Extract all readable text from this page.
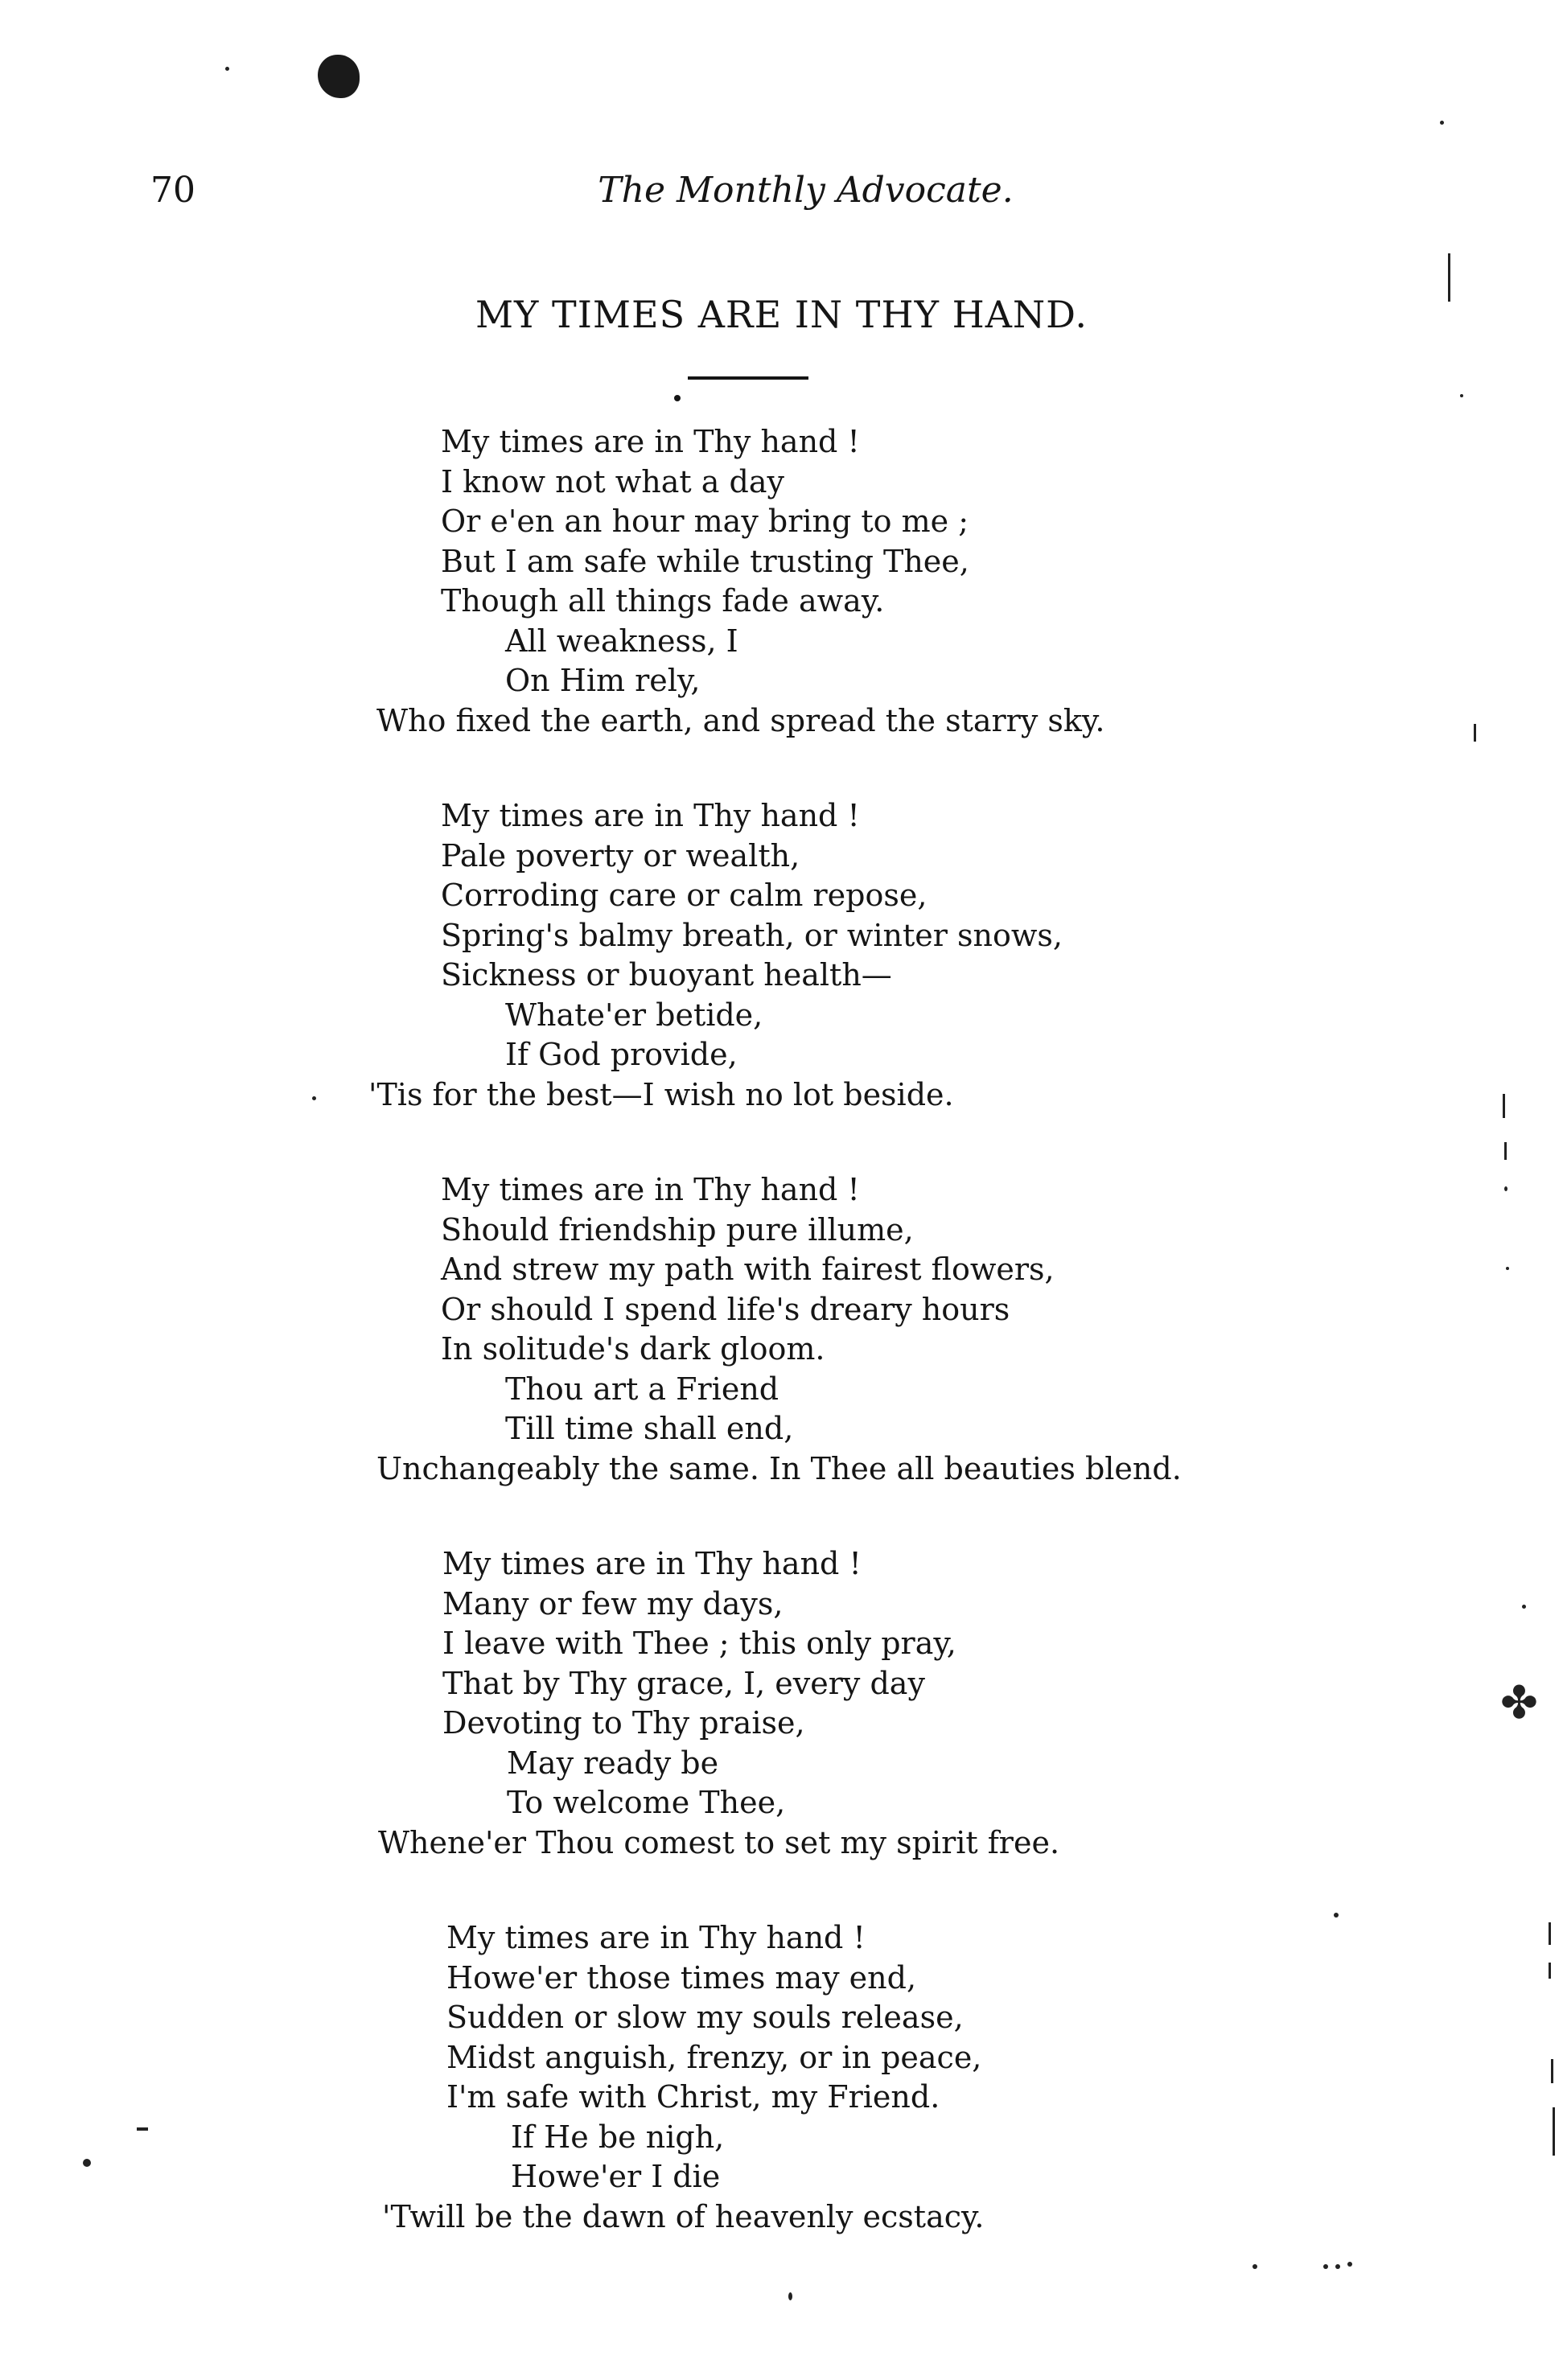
✤
70	The Monthly Advocate.
MY TIMES ARE IN THY HAND.
My times are in Thy hand !
I know not what a day
Or e'en an hour may bring to me ;
But I am safe while trusting Thee,
Though all things fade away.
All weakness, I
On Him rely,
Who fixed the earth, and spread the starry sky.
My times are in Thy hand !
Pale poverty or wealth,
Corroding care or calm repose,
Spring's balmy breath, or winter snows,
Sickness or buoyant health—
Whate'er betide,
If God provide,
'Tis for the best—I wish no lot beside.
My times are in Thy hand !
Should friendship pure illume,
And strew my path with fairest flowers,
Or should I spend life's dreary hours
In solitude's dark gloom.
Thou art a Friend
Till time shall end,
Unchangeably the same. In Thee all beauties blend.
My times are in Thy hand !
Many or few my days,
I leave with Thee ; this only pray,
That by Thy grace, I, every day
Devoting to Thy praise,
May ready be
To welcome Thee,
Whene'er Thou comest to set my spirit free.
My times are in Thy hand !
Howe'er those times may end,
Sudden or slow my souls release,
Midst anguish, frenzy, or in peace,
I'm safe with Christ, my Friend.
If He be nigh,
Howe'er I die
'Twill be the dawn of heavenly ecstacy.
